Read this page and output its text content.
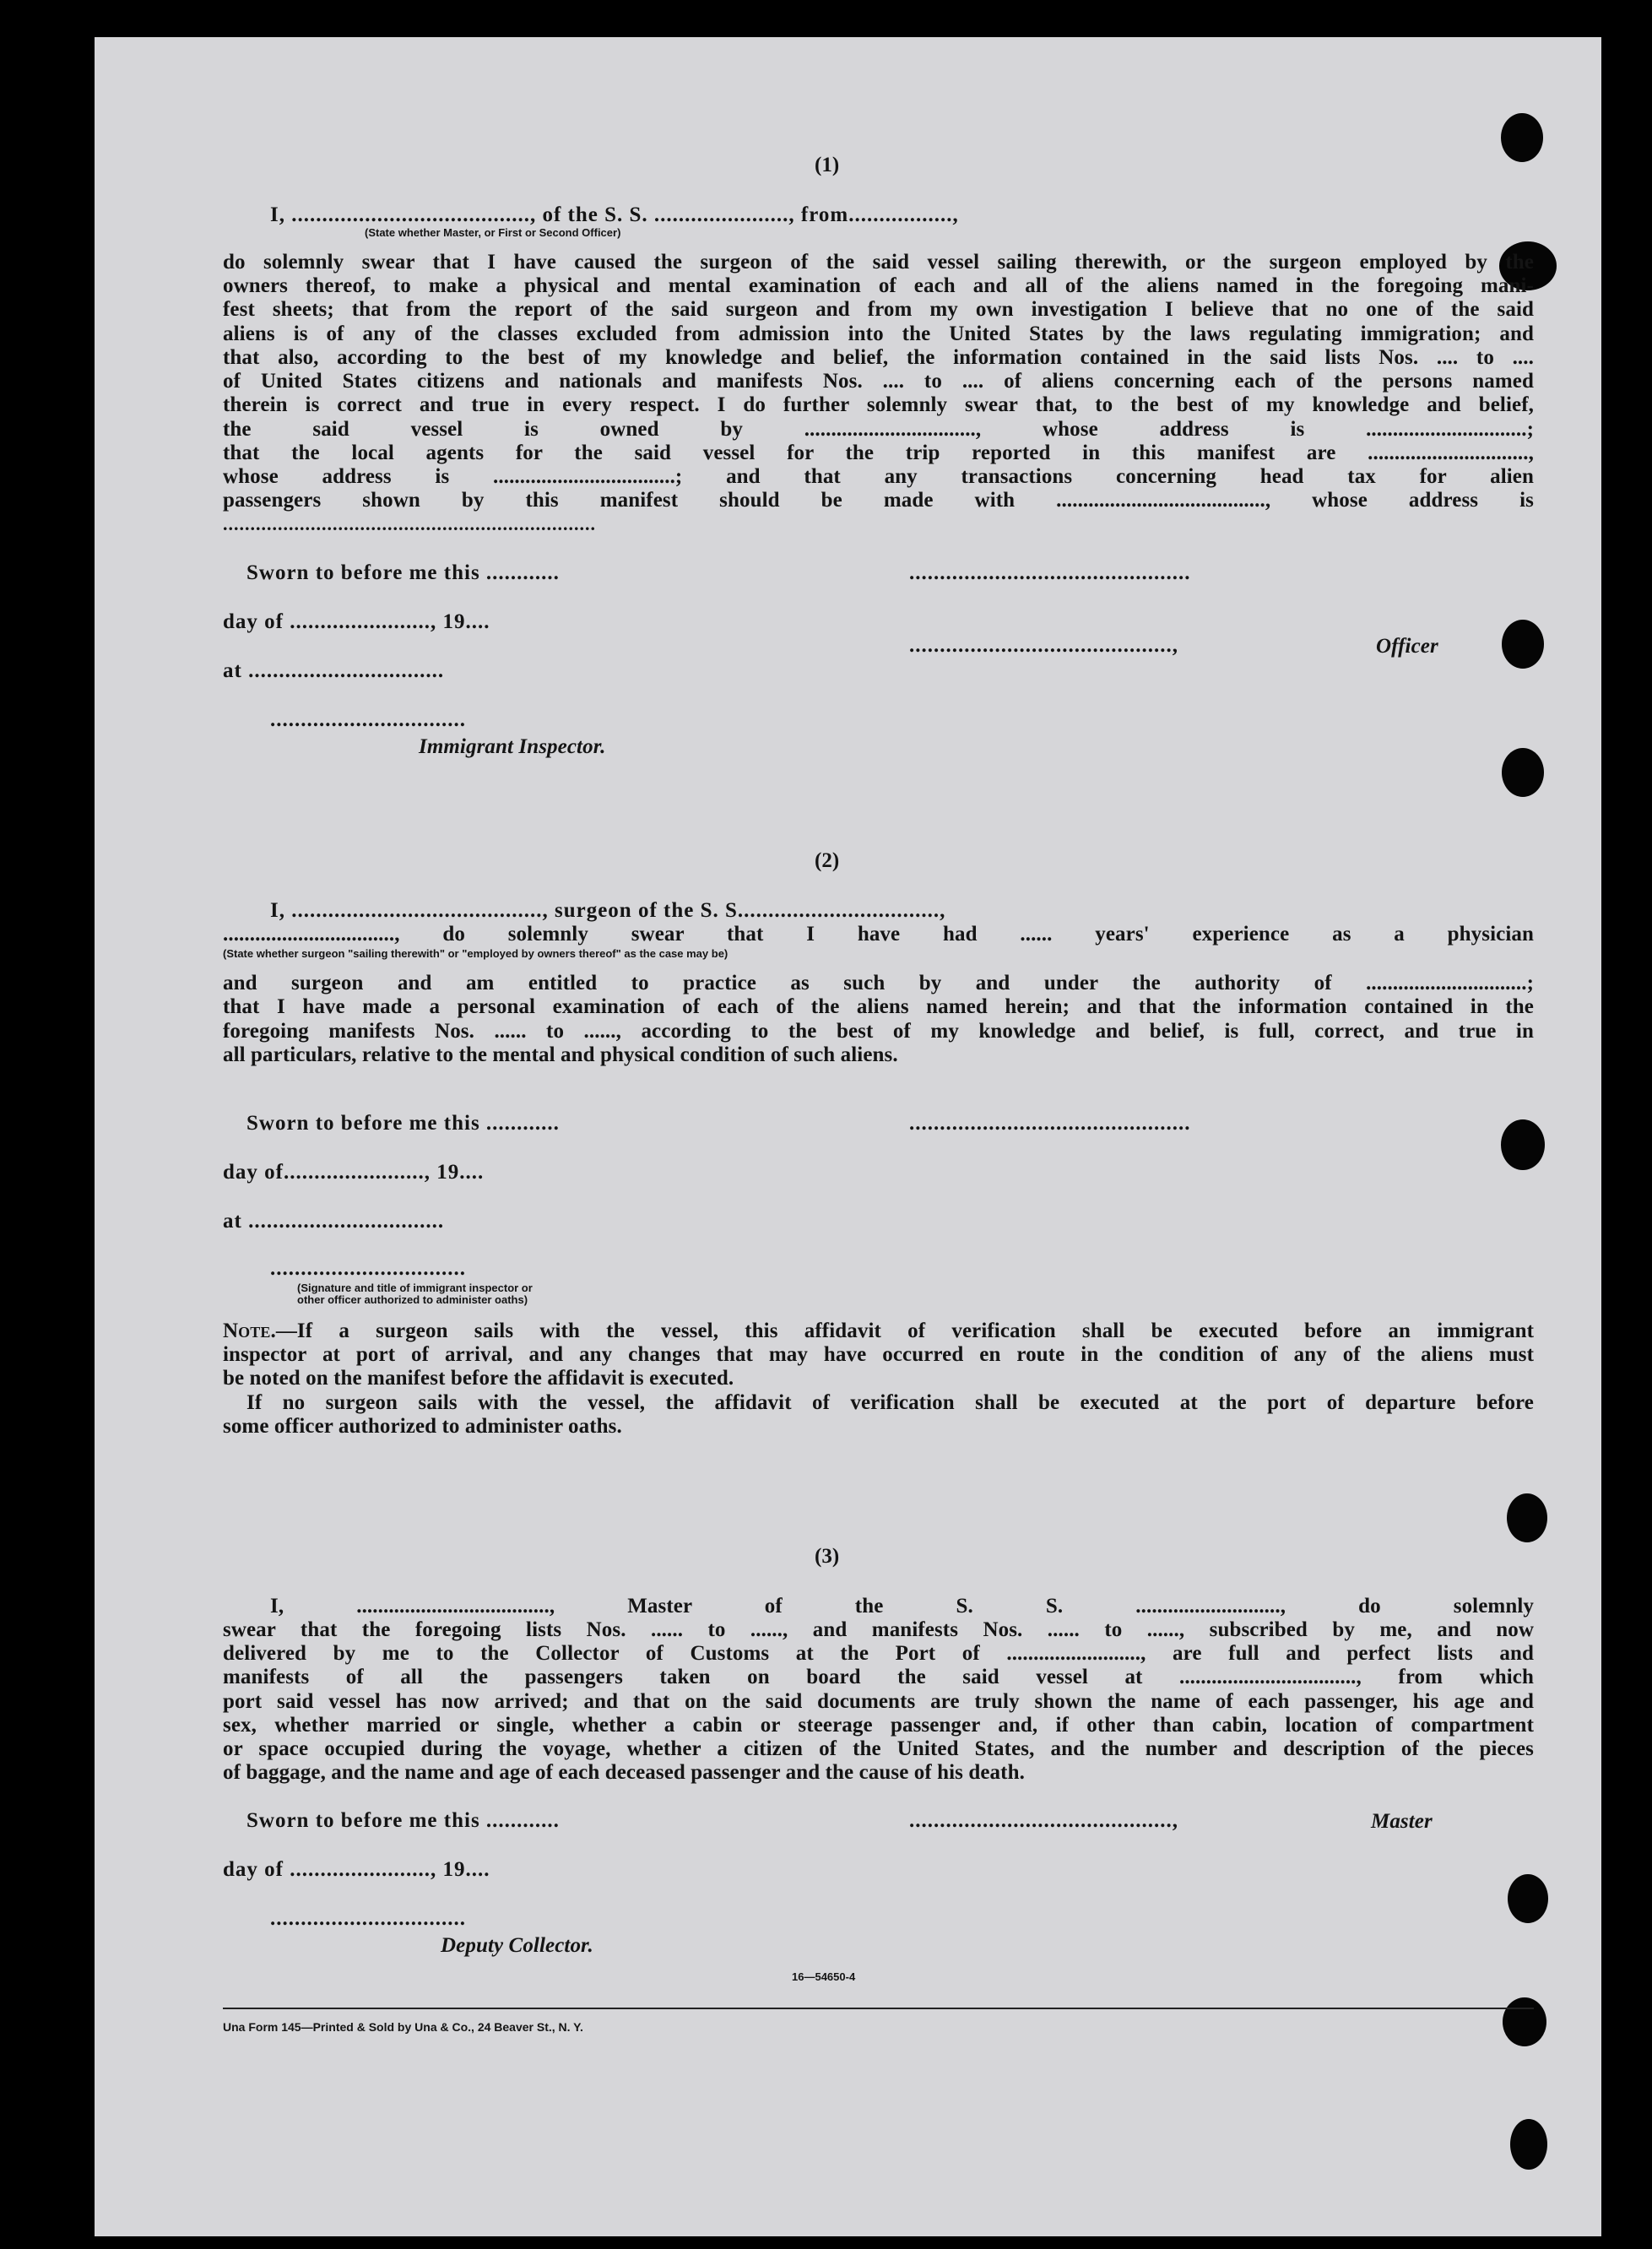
(1)
I, ......................................., of the S. S. ......................, from.................,
(State whether Master, or First or Second Officer)
do solemnly swear that I have caused the surgeon of the said vessel sailing therewith, or the surgeon employed by the
owners thereof, to make a physical and mental examination of each and all of the aliens named in the foregoing mani-
fest sheets; that from the report of the said surgeon and from my own investigation I believe that no one of the said
aliens is of any of the classes excluded from admission into the United States by the laws regulating immigration; and
that also, according to the best of my knowledge and belief, the information contained in the said lists Nos. .... to ....
of United States citizens and nationals and manifests Nos. .... to .... of aliens concerning each of the persons named
therein is correct and true in every respect. I do further solemnly swear that, to the best of my knowledge and belief,
the said vessel is owned by ................................, whose address is ..............................;
that the local agents for the said vessel for the trip reported in this manifest are ..............................,
whose address is ..................................; and that any transactions concerning head tax for alien
passengers shown by this manifest should be made with ......................................., whose address is
....................................................................
Sworn to before me this ............	..............................................
day of ......................., 19....
...........................................,	Officer
at ................................
................................
Immigrant Inspector.
(2)
I, ........................................., surgeon of the S. S.................................,
................................, do solemnly swear that I have had ...... years' experience as a physician
(State whether surgeon "sailing therewith" or "employed by owners thereof" as the case may be)
and surgeon and am entitled to practice as such by and under the authority of ..............................;
that I have made a personal examination of each of the aliens named herein; and that the information contained in the
foregoing manifests Nos. ...... to ......, according to the best of my knowledge and belief, is full, correct, and true in
all particulars, relative to the mental and physical condition of such aliens.
Sworn to before me this ............	..............................................
day of......................., 19....
at ................................
................................
(Signature and title of immigrant inspector or
other officer authorized to administer oaths)
Note.—If a surgeon sails with the vessel, this affidavit of verification shall be executed before an immigrant
inspector at port of arrival, and any changes that may have occurred en route in the condition of any of the aliens must
be noted on the manifest before the affidavit is executed.
If no surgeon sails with the vessel, the affidavit of verification shall be executed at the port of departure before
some officer authorized to administer oaths.
(3)
I, ...................................., Master of the S. S. ..........................., do solemnly
swear that the foregoing lists Nos. ...... to ......, and manifests Nos. ...... to ......, subscribed by me, and now
delivered by me to the Collector of Customs at the Port of ........................., are full and perfect lists and
manifests of all the passengers taken on board the said vessel at ................................., from which
port said vessel has now arrived; and that on the said documents are truly shown the name of each passenger, his age and
sex, whether married or single, whether a cabin or steerage passenger and, if other than cabin, location of compartment
or space occupied during the voyage, whether a citizen of the United States, and the number and description of the pieces
of baggage, and the name and age of each deceased passenger and the cause of his death.
Sworn to before me this ............	...........................................,	Master
day of ......................., 19....
................................
Deputy Collector.
16—54650-4
Una Form 145—Printed & Sold by Una & Co., 24 Beaver St., N. Y.
